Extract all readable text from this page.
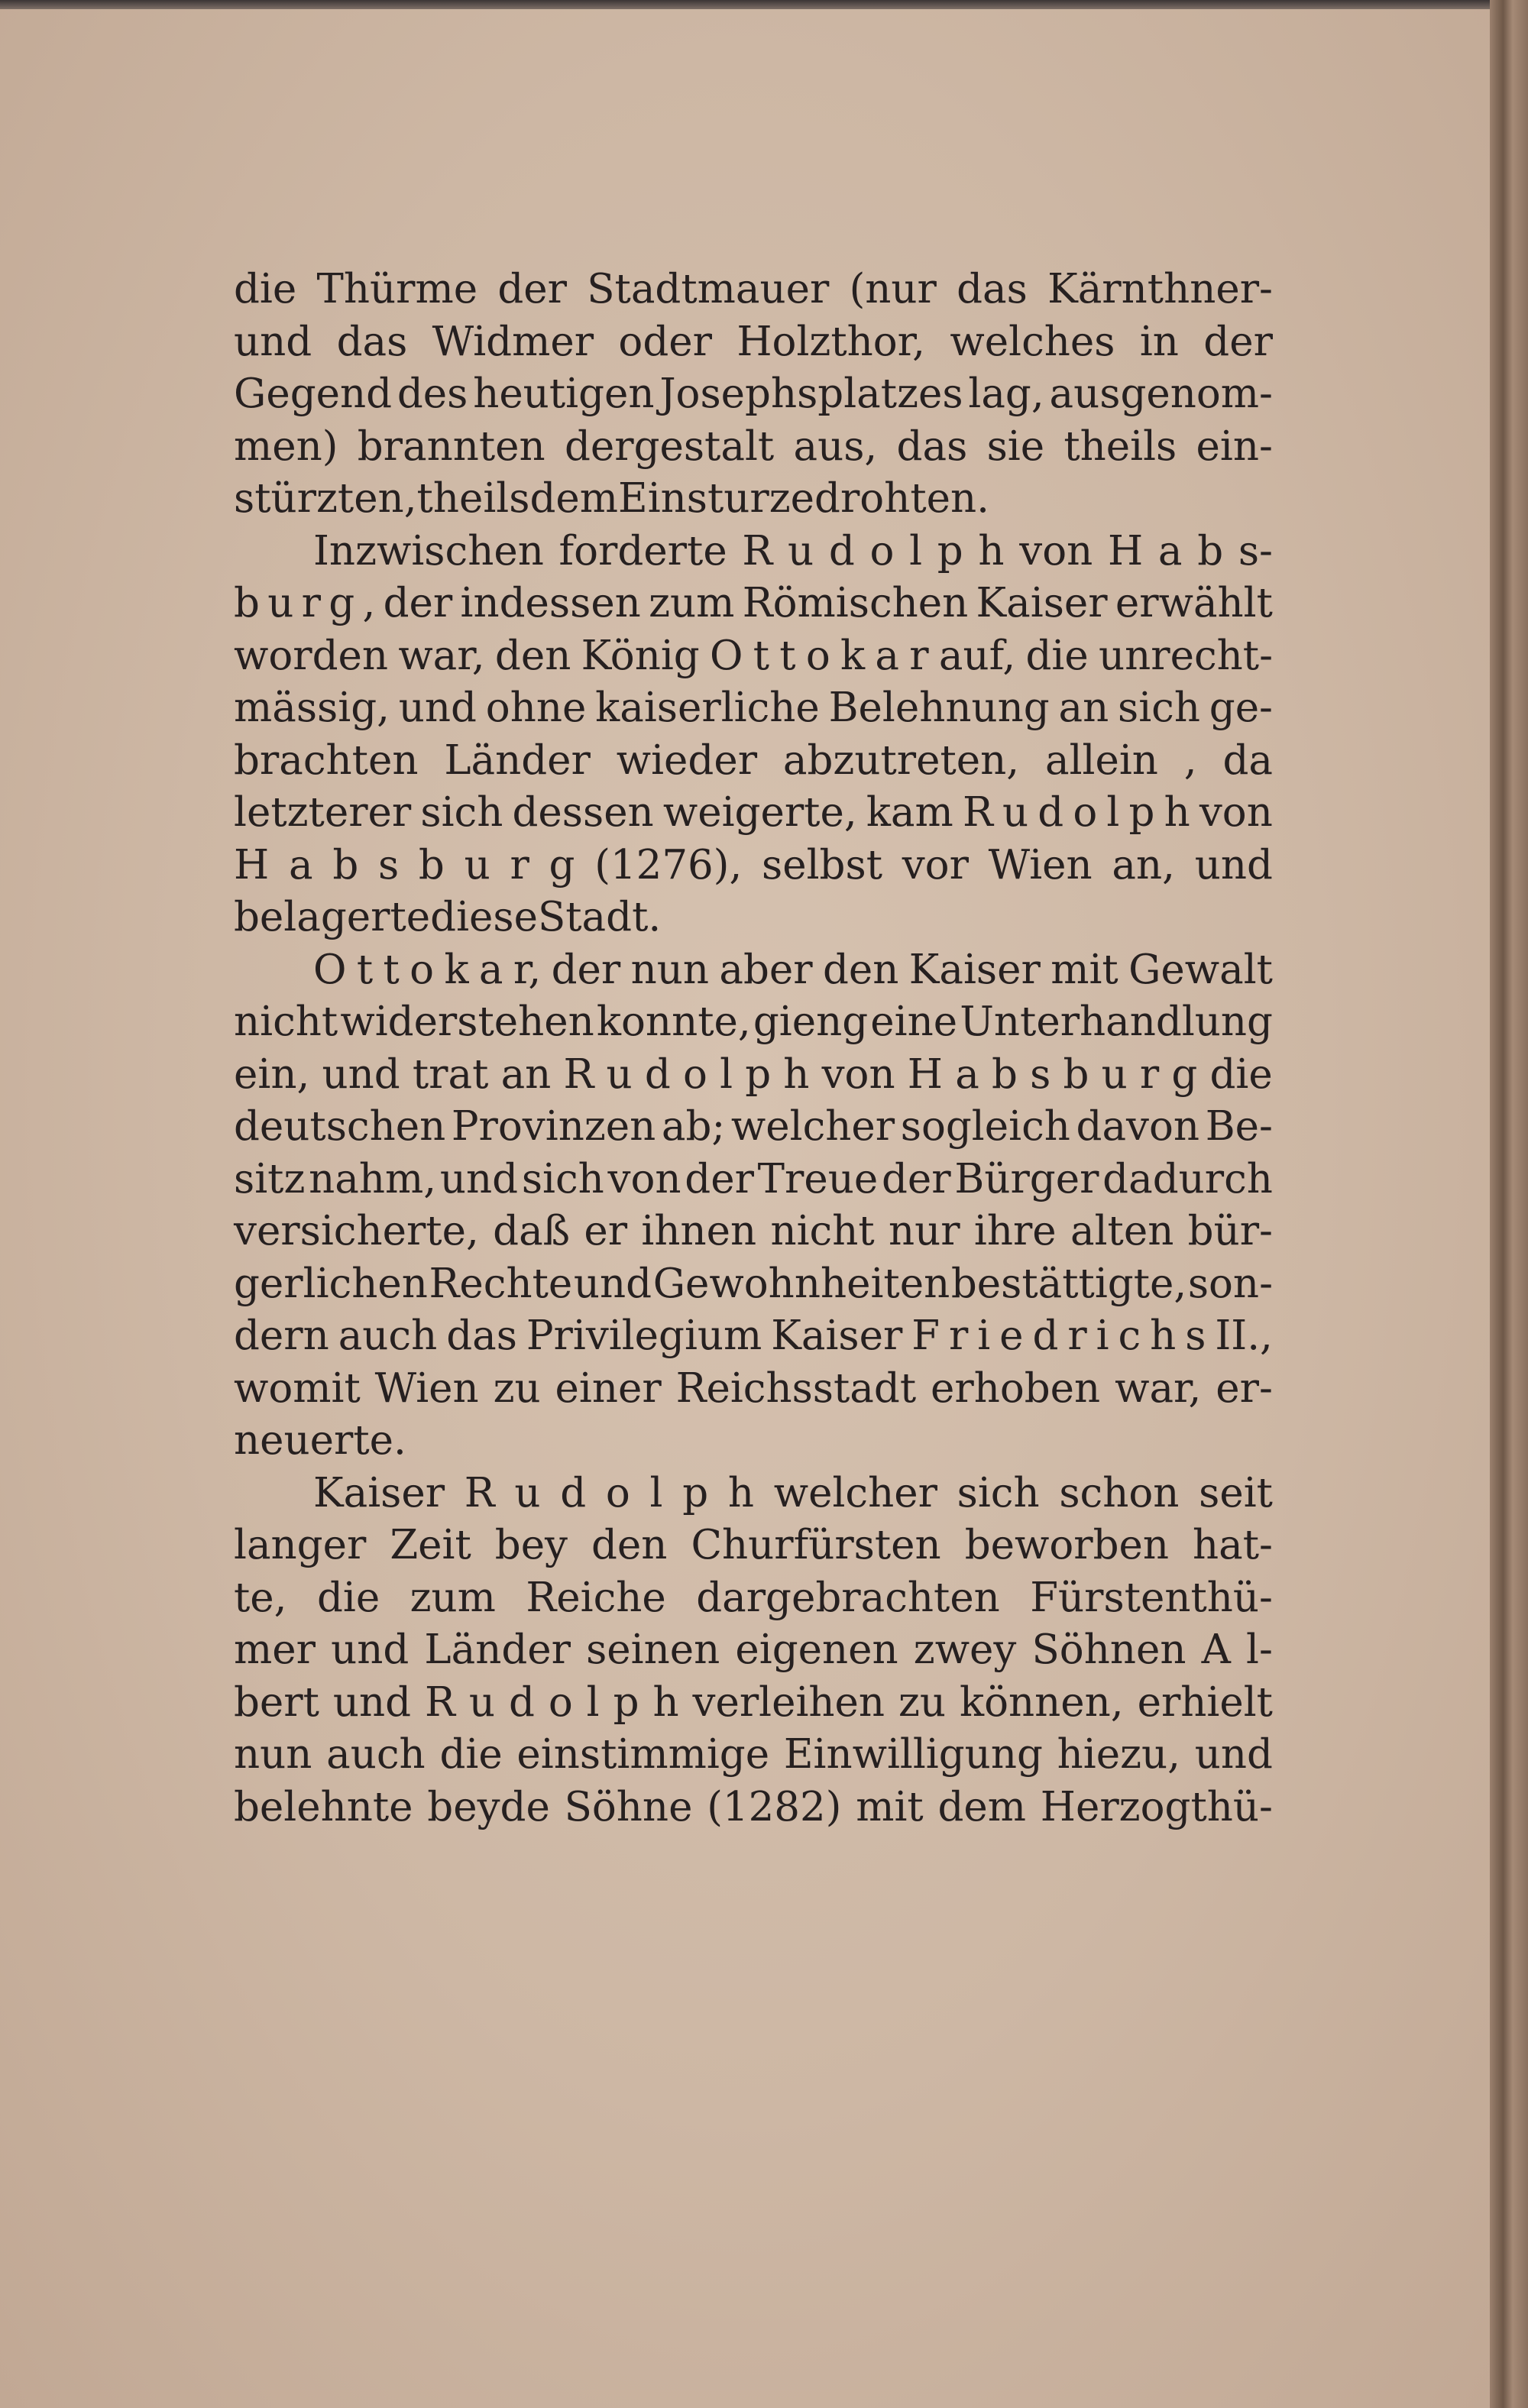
die Thürme der Stadtmauer (nur das Kärnthner-
und das Widmer oder Holzthor, welches in der
Gegend des heutigen Josephsplatzes lag, ausgenom-
men) brannten dergestalt aus, das sie theils ein-
stürzten, theils dem Einsturze drohten.
Inzwischen forderte R u d o l p h von H a b s-
b u r g , der indessen zum Römischen Kaiser erwählt
worden war, den König O t t o k a r auf, die unrecht-
mässig, und ohne kaiserliche Belehnung an sich ge-
brachten Länder wieder abzutreten, allein , da
letzterer sich dessen weigerte, kam R u d o l p h von
H a b s b u r g (1276), selbst vor Wien an, und
belagerte diese Stadt.
O t t o k a r, der nun aber den Kaiser mit Gewalt
nicht widerstehen konnte, gieng eine Unterhandlung
ein, und trat an R u d o l p h von H a b s b u r g die
deutschen Provinzen ab; welcher sogleich davon Be-
sitz nahm, und sich von der Treue der Bürger dadurch
versicherte, daß er ihnen nicht nur ihre alten bür-
gerlichen Rechte und Gewohnheiten bestättigte, son-
dern auch das Privilegium Kaiser F r i e d r i c h s II.,
womit Wien zu einer Reichsstadt erhoben war, er-
neuerte.
Kaiser R u d o l p h welcher sich schon seit
langer Zeit bey den Churfürsten beworben hat-
te, die zum Reiche dargebrachten Fürstenthü-
mer und Länder seinen eigenen zwey Söhnen A l-
bert und R u d o l p h verleihen zu können, erhielt
nun auch die einstimmige Einwilligung hiezu, und
belehnte beyde Söhne (1282) mit dem Herzogthü-
